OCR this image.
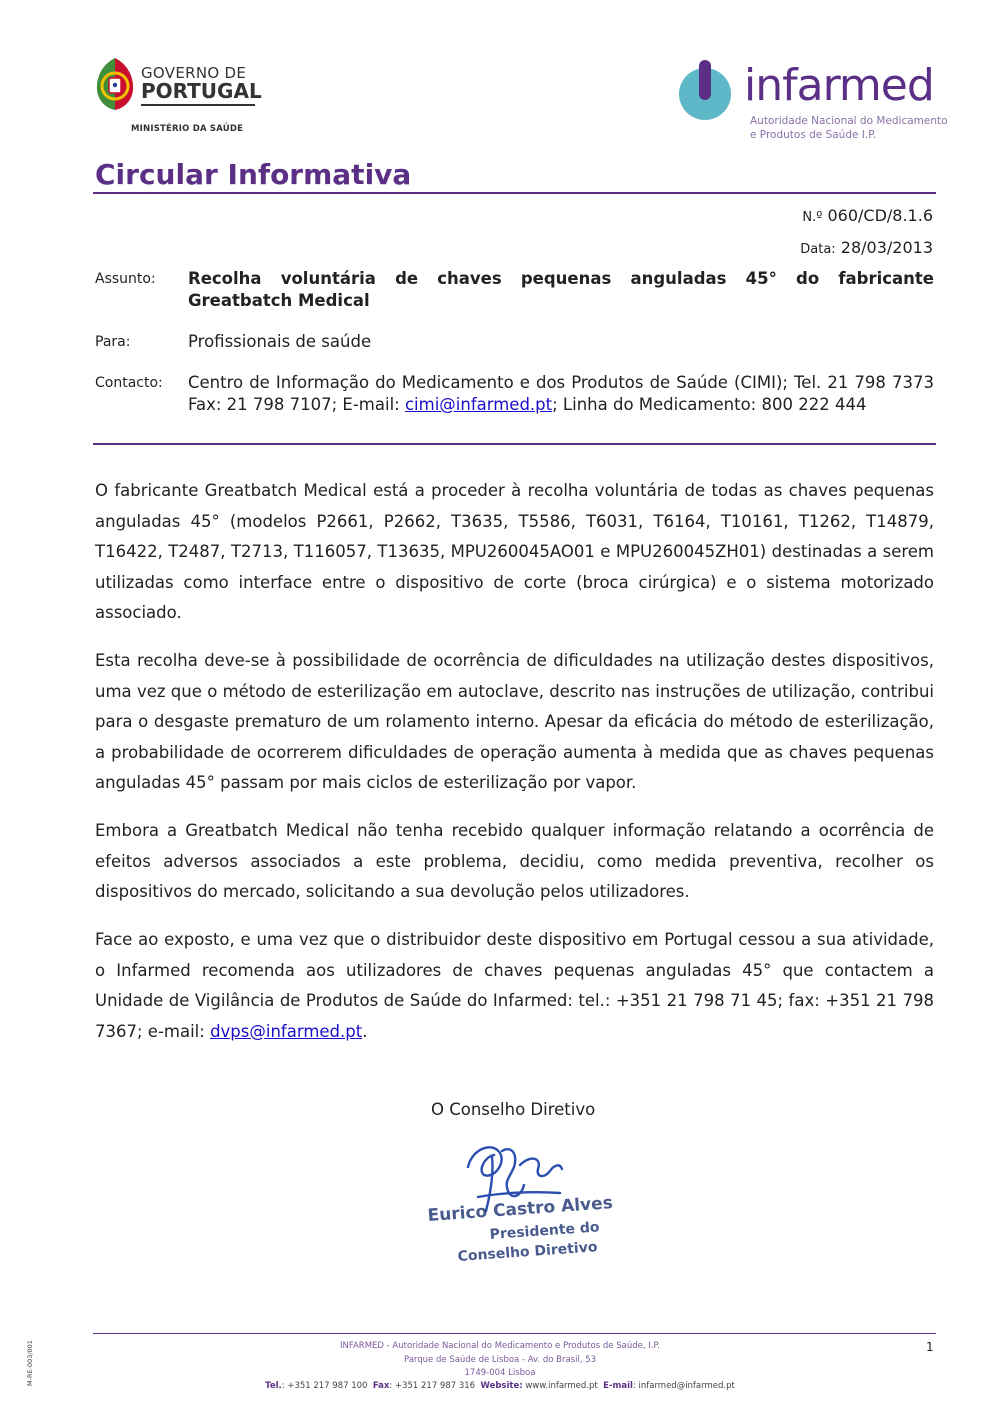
GOVERNO DE
PORTUGAL
MINISTÉRIO DA SAÚDE
infarmed
Autoridade Nacional do Medicamento
e Produtos de Saúde I.P.
Circular Informativa
N.º 060/CD/8.1.6
Data: 28/03/2013
Assunto: Recolha voluntária de chaves pequenas anguladas 45° do fabricante
Greatbatch Medical
Para:	Profissionais de saúde
Contacto: Centro de Informação do Medicamento e dos Produtos de Saúde (CIMI); Tel. 21 798 7373 Fax: 21 798 7107; E-mail: cimi@infarmed.pt; Linha do Medicamento: 800 222 444

O fabricante Greatbatch Medical está a proceder à recolha voluntária de todas as chaves pequenas anguladas 45° (modelos P2661, P2662, T3635, T5586, T6031, T6164, T10161, T1262, T14879, T16422, T2487, T2713, T116057, T13635, MPU260045AO01 e MPU260045ZH01) destinadas a serem utilizadas como interface entre o dispositivo de corte (broca cirúrgica) e o sistema motorizado associado.

Esta recolha deve-se à possibilidade de ocorrência de dificuldades na utilização destes dispositivos, uma vez que o método de esterilização em autoclave, descrito nas instruções de utilização, contribui para o desgaste prematuro de um rolamento interno. Apesar da eficácia do método de esterilização, a probabilidade de ocorrerem dificuldades de operação aumenta à medida que as chaves pequenas anguladas 45° passam por mais ciclos de esterilização por vapor.

Embora a Greatbatch Medical não tenha recebido qualquer informação relatando a ocorrência de efeitos adversos associados a este problema, decidiu, como medida preventiva, recolher os dispositivos do mercado, solicitando a sua devolução pelos utilizadores.

Face ao exposto, e uma vez que o distribuidor deste dispositivo em Portugal cessou a sua atividade, o Infarmed recomenda aos utilizadores de chaves pequenas anguladas 45° que contactem a Unidade de Vigilância de Produtos de Saúde do Infarmed: tel.: +351 21 798 71 45; fax: +351 21 798 7367; e-mail: dvps@infarmed.pt.

O Conselho Diretivo
Eurico Castro Alves
Presidente do
Conselho Diretivo
INFARMED - Autoridade Nacional do Medicamento e Produtos de Saúde, I.P.
Parque de Saúde de Lisboa - Av. do Brasil, 53
1749-004 Lisboa
Tel.: +351 217 987 100 Fax: +351 217 987 316 Website: www.infarmed.pt E-mail: infarmed@infarmed.pt
1
M-RE-003/001
